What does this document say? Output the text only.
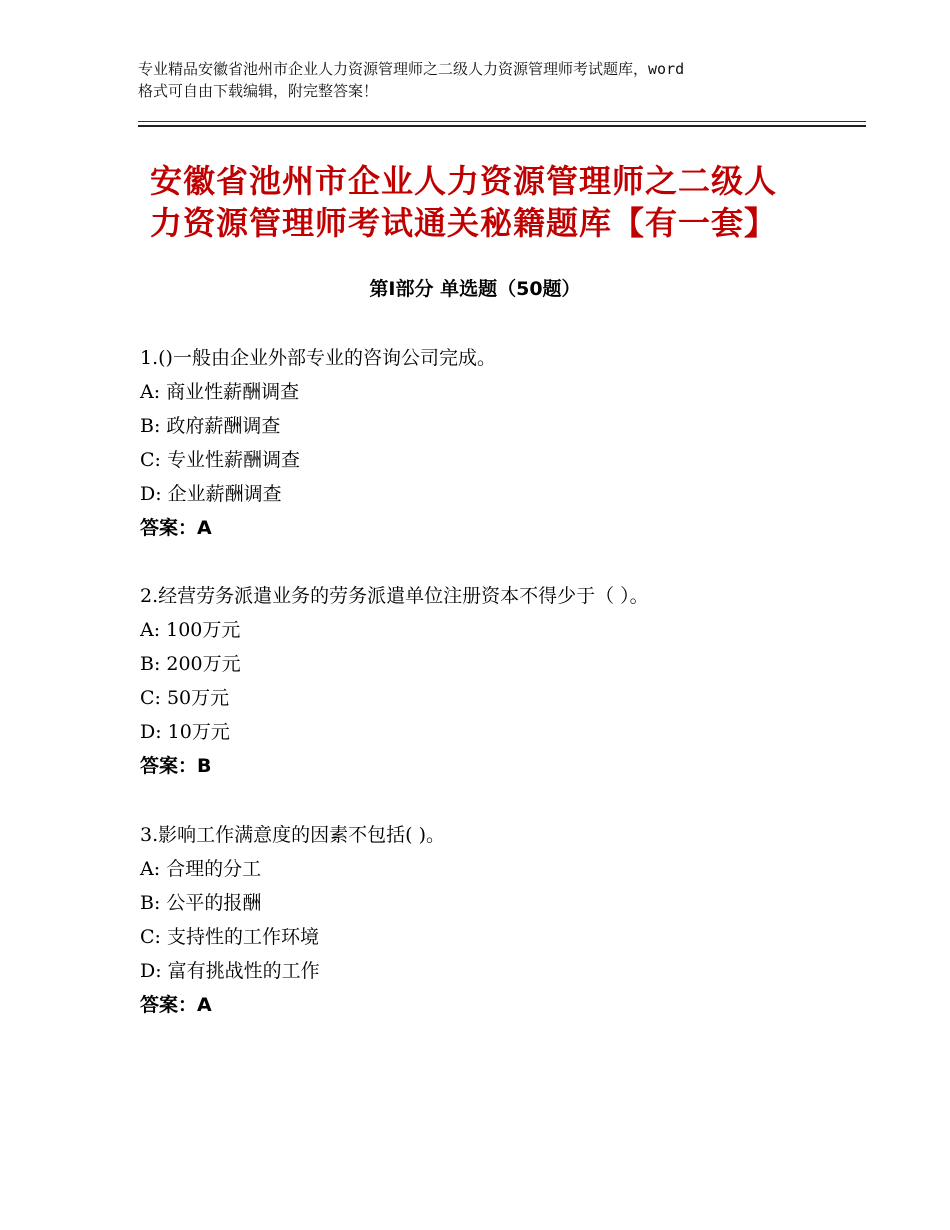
专业精品安徽省池州市企业人力资源管理师之二级人力资源管理师考试题库，word
格式可自由下载编辑，附完整答案！
安徽省池州市企业人力资源管理师之二级人
力资源管理师考试通关秘籍题库【有一套】
第Ⅰ部分 单选题（50题）
1.()一般由企业外部专业的咨询公司完成。
A: 商业性薪酬调查
B: 政府薪酬调查
C: 专业性薪酬调查
D: 企业薪酬调查
答案：A
2.经营劳务派遣业务的劳务派遣单位注册资本不得少于（ ）。
A: 100万元
B: 200万元
C: 50万元
D: 10万元
答案：B
3.影响工作满意度的因素不包括( )。
A: 合理的分工
B: 公平的报酬
C: 支持性的工作环境
D: 富有挑战性的工作
答案：A
